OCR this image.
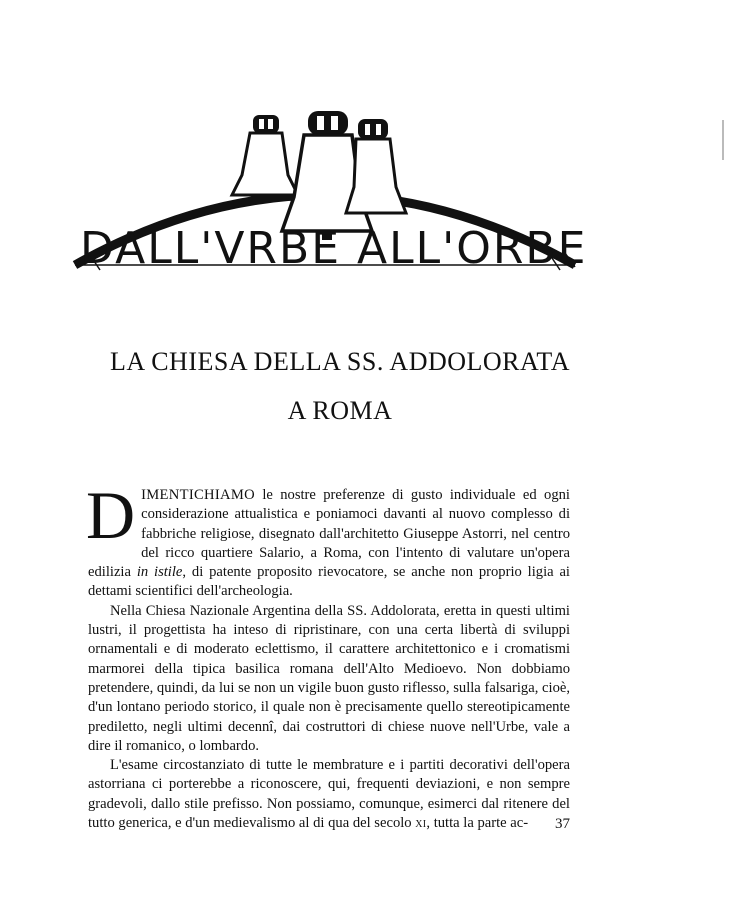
DALL'VRBE ALL'ORBE
LA CHIESA DELLA SS. ADDOLORATA
A ROMA

DIMENTICHIAMO le nostre preferenze di gusto individuale ed ogni considerazione attualistica e poniamoci davanti al nuovo complesso di fabbriche religiose, disegnato dall'architetto Giuseppe Astorri, nel centro del ricco quartiere Salario, a Roma, con l'intento di valutare un'opera edilizia in istile, di patente proposito rievocatore, se anche non proprio ligia ai dettami scientifici dell'archeologia.

Nella Chiesa Nazionale Argentina della SS. Addolorata, eretta in questi ultimi lustri, il progettista ha inteso di ripristinare, con una certa libertà di sviluppi ornamentali e di moderato eclettismo, il carattere architettonico e i cromatismi marmorei della tipica basilica romana dell'Alto Medioevo. Non dobbiamo pretendere, quindi, da lui se non un vigile buon gusto riflesso, sulla falsariga, cioè, d'un lontano periodo storico, il quale non è precisamente quello stereotipicamente prediletto, negli ultimi decennî, dai costruttori di chiese nuove nell'Urbe, vale a dire il romanico, o lombardo.

L'esame circostanziato di tutte le membrature e i partiti decorativi dell'opera astorriana ci porterebbe a riconoscere, qui, frequenti deviazioni, e non sempre gradevoli, dallo stile prefisso. Non possiamo, comunque, esimerci dal ritenere del tutto generica, e d'un medievalismo al di qua del secolo xi, tutta la parte ac-	37
